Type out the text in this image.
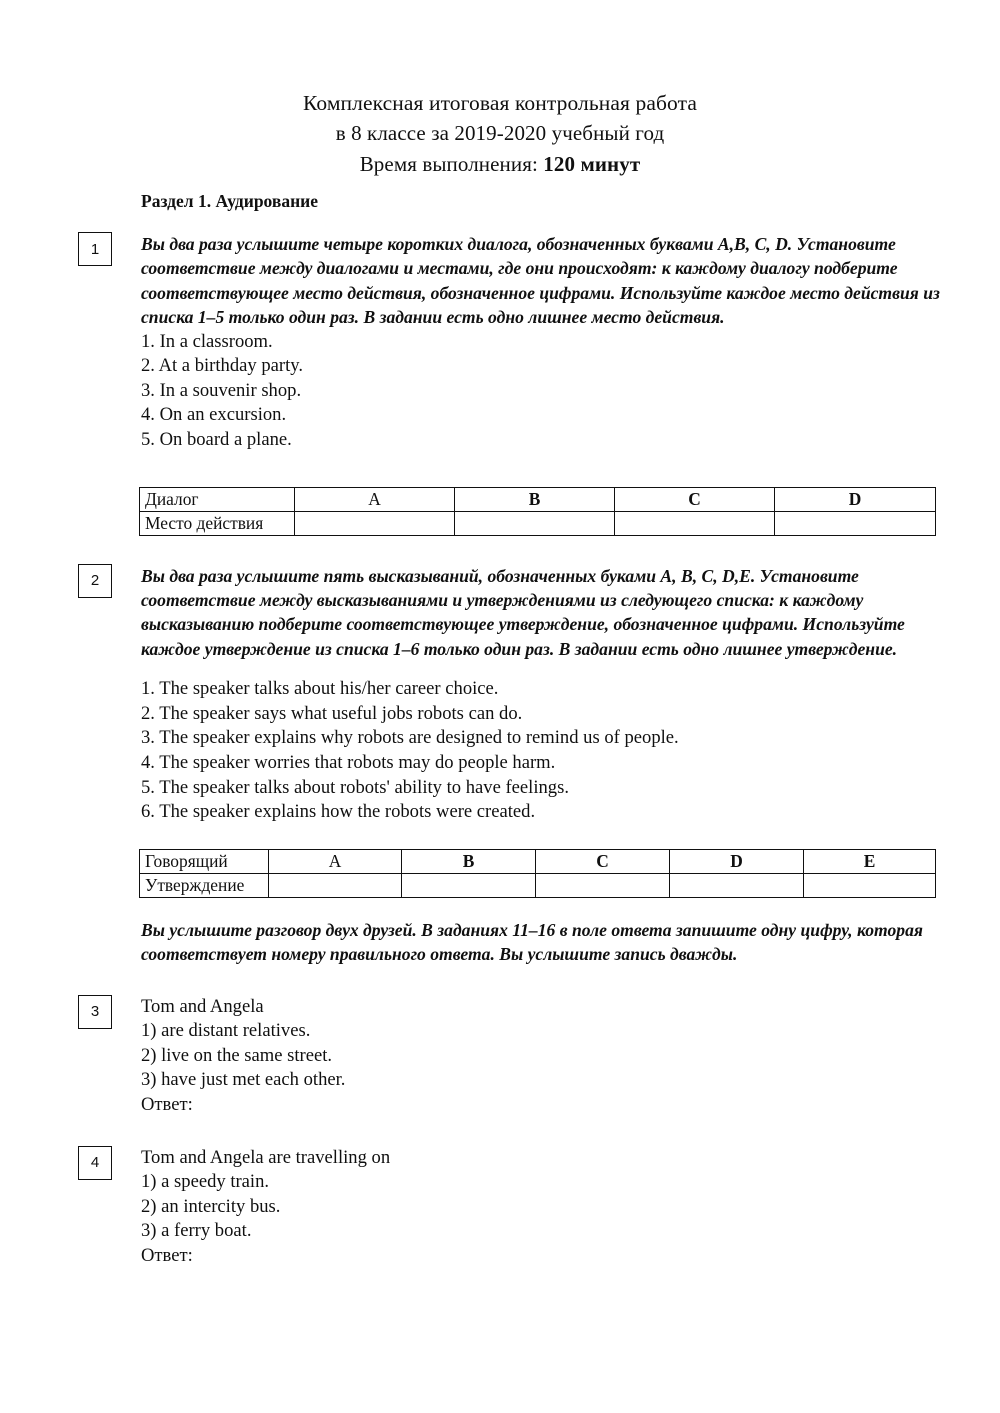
Комплексная итоговая контрольная работа
в 8 классе за 2019-2020 учебный год
Время выполнения: 120 минут
Раздел 1. Аудирование
1	Вы два раза услышите четыре коротких диалога, обозначенных буквами A,B, C, D. Установите соответствие между диалогами и местами, где они происходят: к каждому диалогу подберите соответствующее место действия, обозначенное цифрами. Используйте каждое место действия из списка 1–5 только один раз. В задании есть одно лишнее место действия.
1. In a classroom.
2. At a birthday party.
3. In a souvenir shop.
4. On an excursion.
5. On board a plane.
Диалог	A	B	C	D
Место действия				
2	Вы два раза услышите пять высказываний, обозначенных буками A, B, C, D,E. Установите соответствие между высказываниями и утверждениями из следующего списка: к каждому высказыванию подберите соответствующее утверждение, обозначенное цифрами. Используйте каждое утверждение из списка 1–6 только один раз. В задании есть одно лишнее утверждение.
1. The speaker talks about his/her career choice.
2. The speaker says what useful jobs robots can do.
3. The speaker explains why robots are designed to remind us of people.
4. The speaker worries that robots may do people harm.
5. The speaker talks about robots' ability to have feelings.
6. The speaker explains how the robots were created.
Говорящий	A	B	C	D	E
Утверждение					
Вы услышите разговор двух друзей. В заданиях 11–16 в поле ответа запишите одну цифру, которая соответствует номеру правильного ответа. Вы услышите запись дважды.
3	Tom and Angela
1) are distant relatives.
2) live on the same street.
3) have just met each other.
Ответ:
4	Tom and Angela are travelling on
1) a speedy train.
2) an intercity bus.
3) a ferry boat.
Ответ:
